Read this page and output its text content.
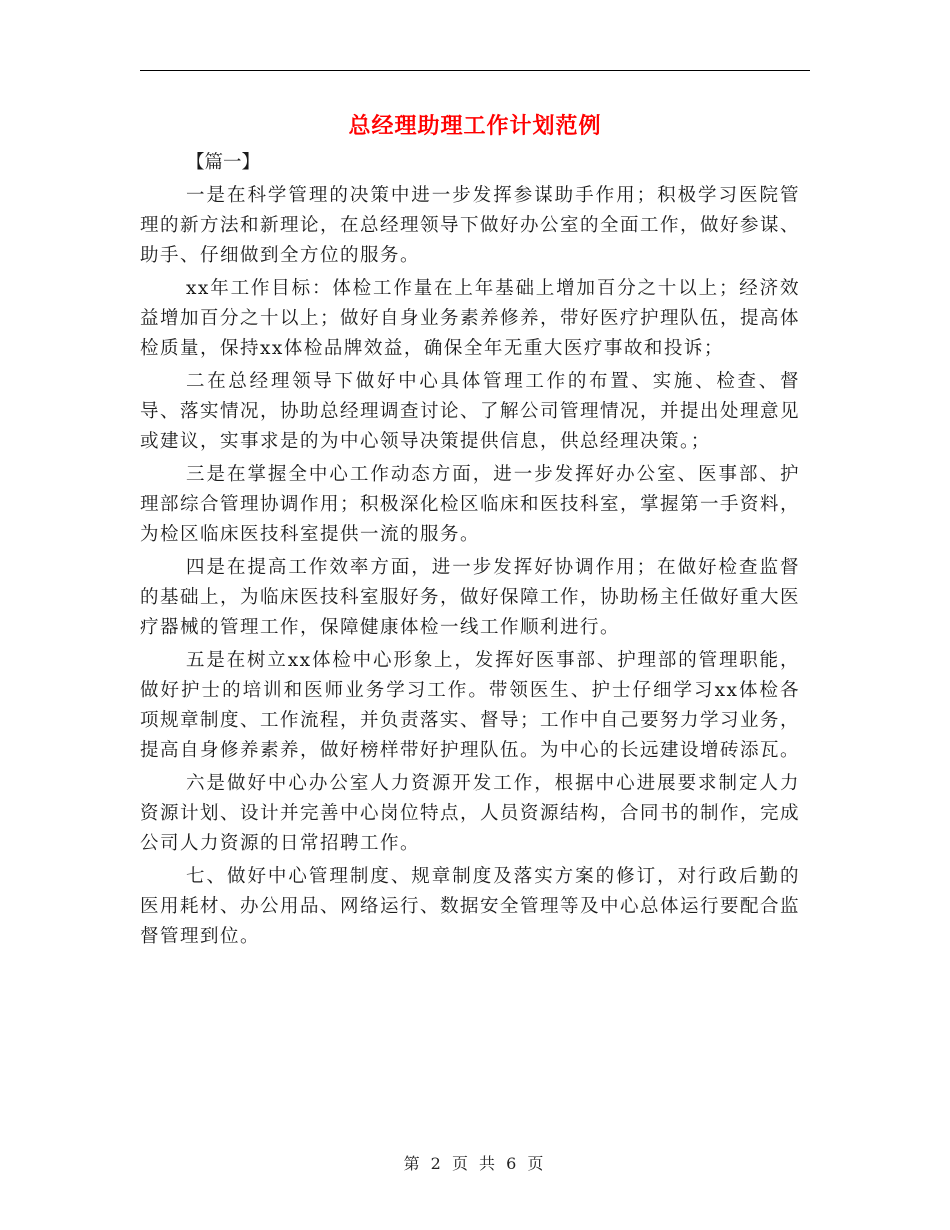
总经理助理工作计划范例

【篇一】

一是在科学管理的决策中进一步发挥参谋助手作用；积极学习医院管理的新方法和新理论，在总经理领导下做好办公室的全面工作，做好参谋、助手、仔细做到全方位的服务。

xx年工作目标：体检工作量在上年基础上增加百分之十以上；经济效益增加百分之十以上；做好自身业务素养修养，带好医疗护理队伍，提高体检质量，保持xx体检品牌效益，确保全年无重大医疗事故和投诉；

二在总经理领导下做好中心具体管理工作的布置、实施、检查、督导、落实情况，协助总经理调查讨论、了解公司管理情况，并提出处理意见或建议，实事求是的为中心领导决策提供信息，供总经理决策。；

三是在掌握全中心工作动态方面，进一步发挥好办公室、医事部、护理部综合管理协调作用；积极深化检区临床和医技科室，掌握第一手资料，为检区临床医技科室提供一流的服务。

四是在提高工作效率方面，进一步发挥好协调作用；在做好检查监督的基础上，为临床医技科室服好务，做好保障工作，协助杨主任做好重大医疗器械的管理工作，保障健康体检一线工作顺利进行。

五是在树立xx体检中心形象上，发挥好医事部、护理部的管理职能，做好护士的培训和医师业务学习工作。带领医生、护士仔细学习xx体检各项规章制度、工作流程，并负责落实、督导；工作中自己要努力学习业务，提高自身修养素养，做好榜样带好护理队伍。为中心的长远建设增砖添瓦。

六是做好中心办公室人力资源开发工作，根据中心进展要求制定人力资源计划、设计并完善中心岗位特点，人员资源结构，合同书的制作，完成公司人力资源的日常招聘工作。

七、做好中心管理制度、规章制度及落实方案的修订，对行政后勤的医用耗材、办公用品、网络运行、数据安全管理等及中心总体运行要配合监督管理到位。

第 2 页 共 6 页
